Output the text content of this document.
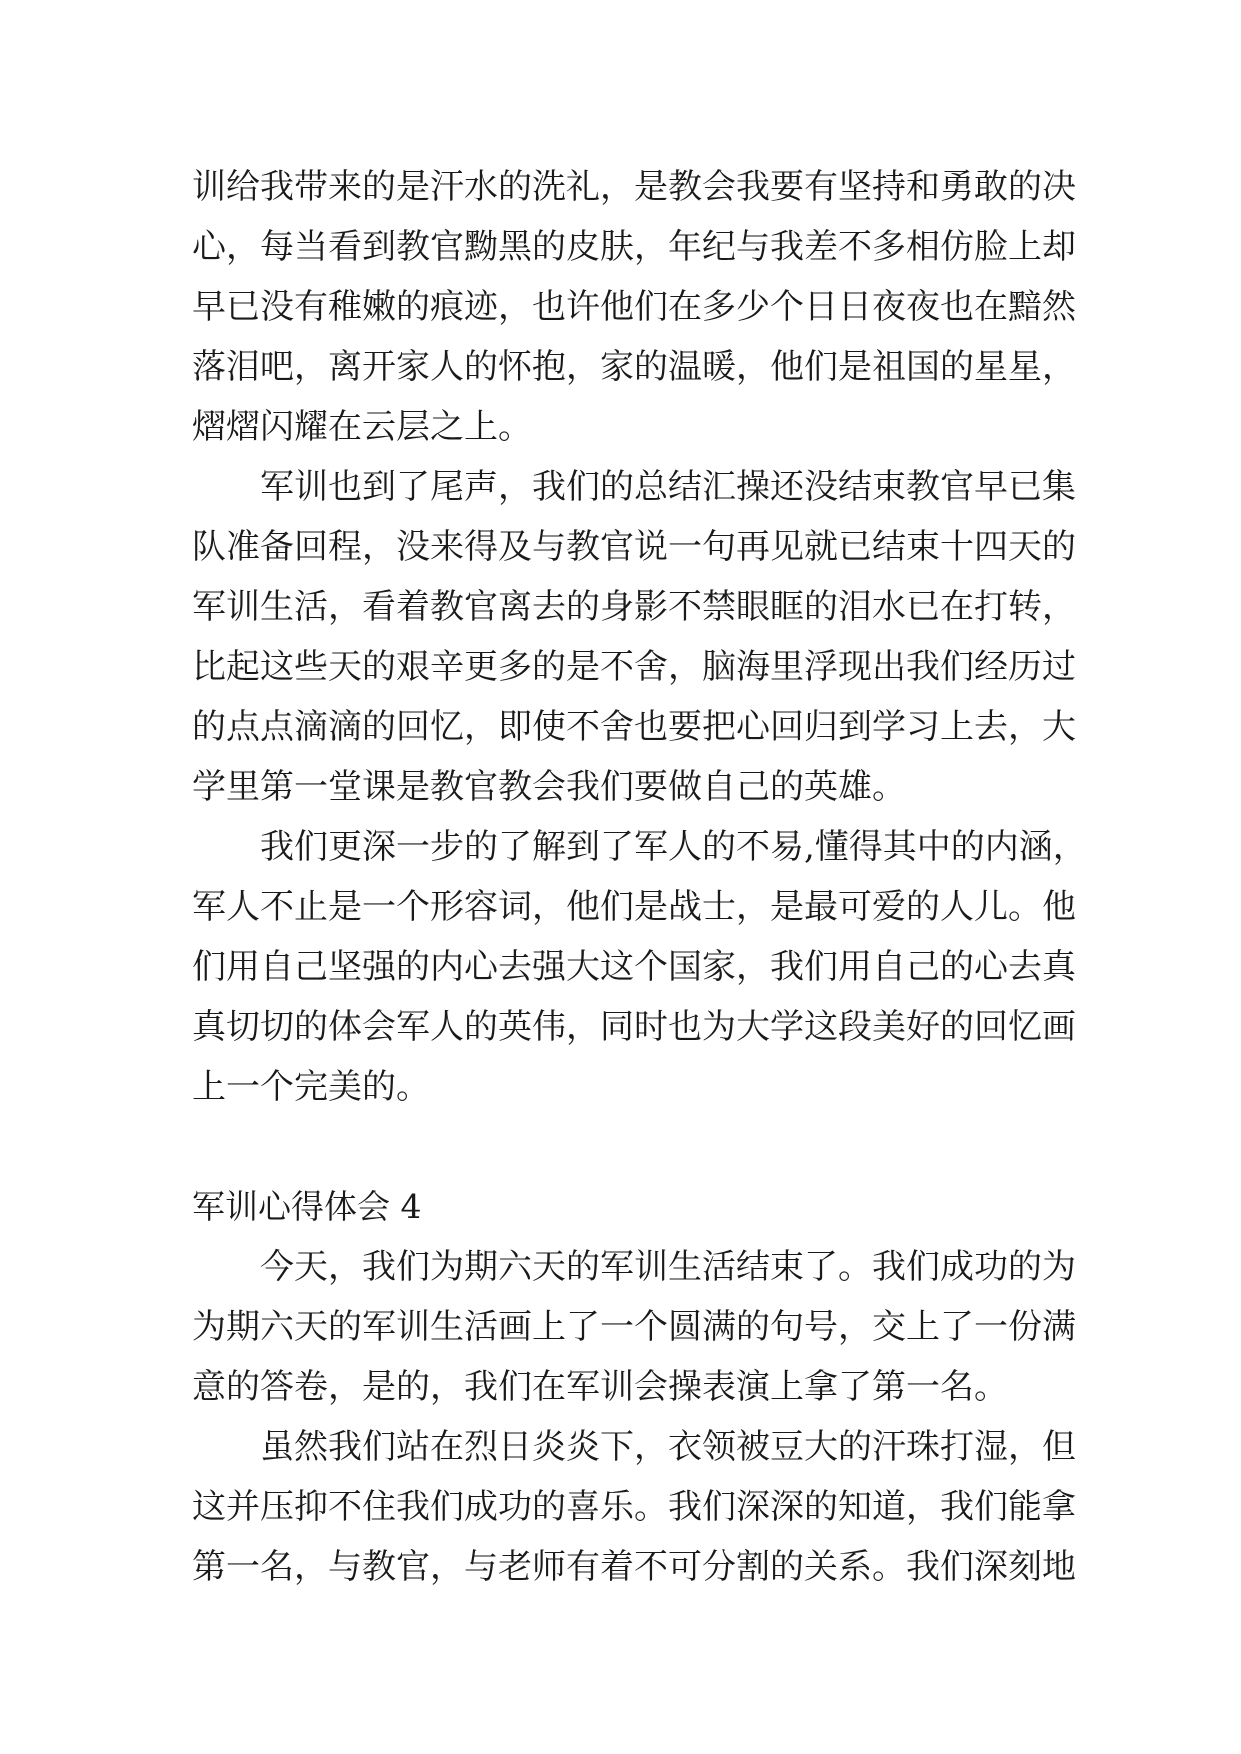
训给我带来的是汗水的洗礼，是教会我要有坚持和勇敢的决
心，每当看到教官黝黑的皮肤，年纪与我差不多相仿脸上却
早已没有稚嫩的痕迹，也许他们在多少个日日夜夜也在黯然
落泪吧，离开家人的怀抱，家的温暖，他们是祖国的星星，
熠熠闪耀在云层之上。
军训也到了尾声，我们的总结汇操还没结束教官早已集
队准备回程，没来得及与教官说一句再见就已结束十四天的
军训生活，看着教官离去的身影不禁眼眶的泪水已在打转，
比起这些天的艰辛更多的是不舍，脑海里浮现出我们经历过
的点点滴滴的回忆，即使不舍也要把心回归到学习上去，大
学里第一堂课是教官教会我们要做自己的英雄。
我们更深一步的了解到了军人的不易,懂得其中的内涵，
军人不止是一个形容词，他们是战士，是最可爱的人儿。他
们用自己坚强的内心去强大这个国家，我们用自己的心去真
真切切的体会军人的英伟，同时也为大学这段美好的回忆画
上一个完美的。
军训心得体会 4
今天，我们为期六天的军训生活结束了。我们成功的为
为期六天的军训生活画上了一个圆满的句号，交上了一份满
意的答卷，是的，我们在军训会操表演上拿了第一名。
虽然我们站在烈日炎炎下，衣领被豆大的汗珠打湿，但
这并压抑不住我们成功的喜乐。我们深深的知道，我们能拿
第一名，与教官，与老师有着不可分割的关系。我们深刻地
